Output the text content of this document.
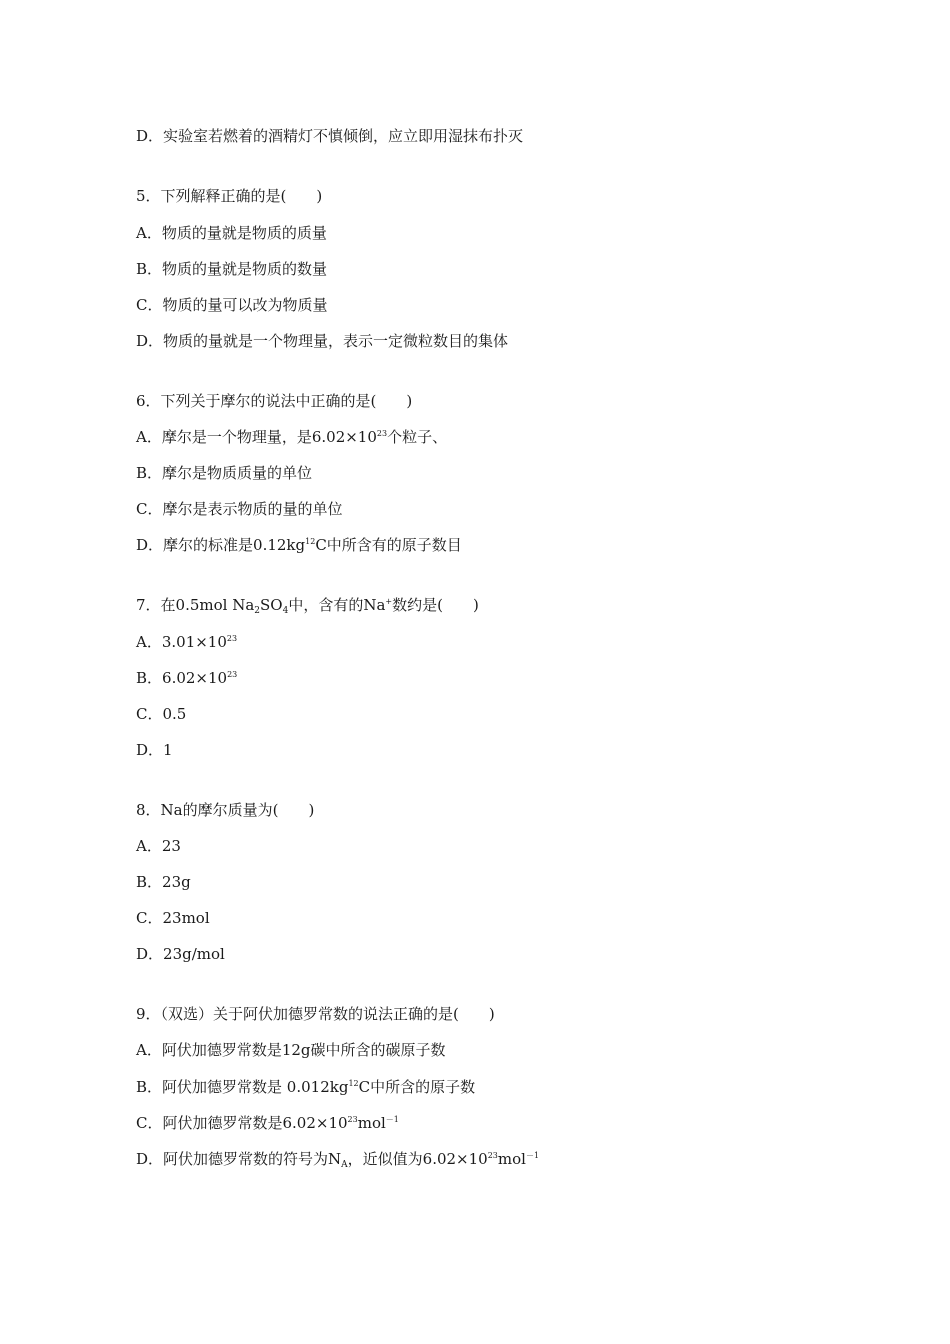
D．实验室若燃着的酒精灯不慎倾倒，应立即用湿抹布扑灭
5．下列解释正确的是(　　)
A．物质的量就是物质的质量
B．物质的量就是物质的数量
C．物质的量可以改为物质量
D．物质的量就是一个物理量，表示一定微粒数目的集体
6．下列关于摩尔的说法中正确的是(　　)
A．摩尔是一个物理量，是$6.02\times 10^{23}$个粒子、
B．摩尔是物质质量的单位
C．摩尔是表示物质的量的单位
D．摩尔的标准是$0.12kg^{12}C$中所含有的原子数目
7．在0.5mol $Na_2SO_4$中，含有的Na+数约是(　　)
A．$3.01\times 10^{23}$
B．$6.02\times 10^{23}$
C．0.5
D．1
8．Na的摩尔质量为(　　)
A．23
B．23g
C．23mol
D．23g/mol
9．（双选）关于阿伏加德罗常数的说法正确的是(　　)
A．阿伏加德罗常数是12g碳中所含的碳原子数
B．阿伏加德罗常数是 $0.012kg^{12}C$中所含的原子数
C．阿伏加德罗常数是$6.02\times 10^{23}mol^{-1}$
D．阿伏加德罗常数的符号为$N_A$，近似值为$6.02\times 10^{23}mol^{-1}$
